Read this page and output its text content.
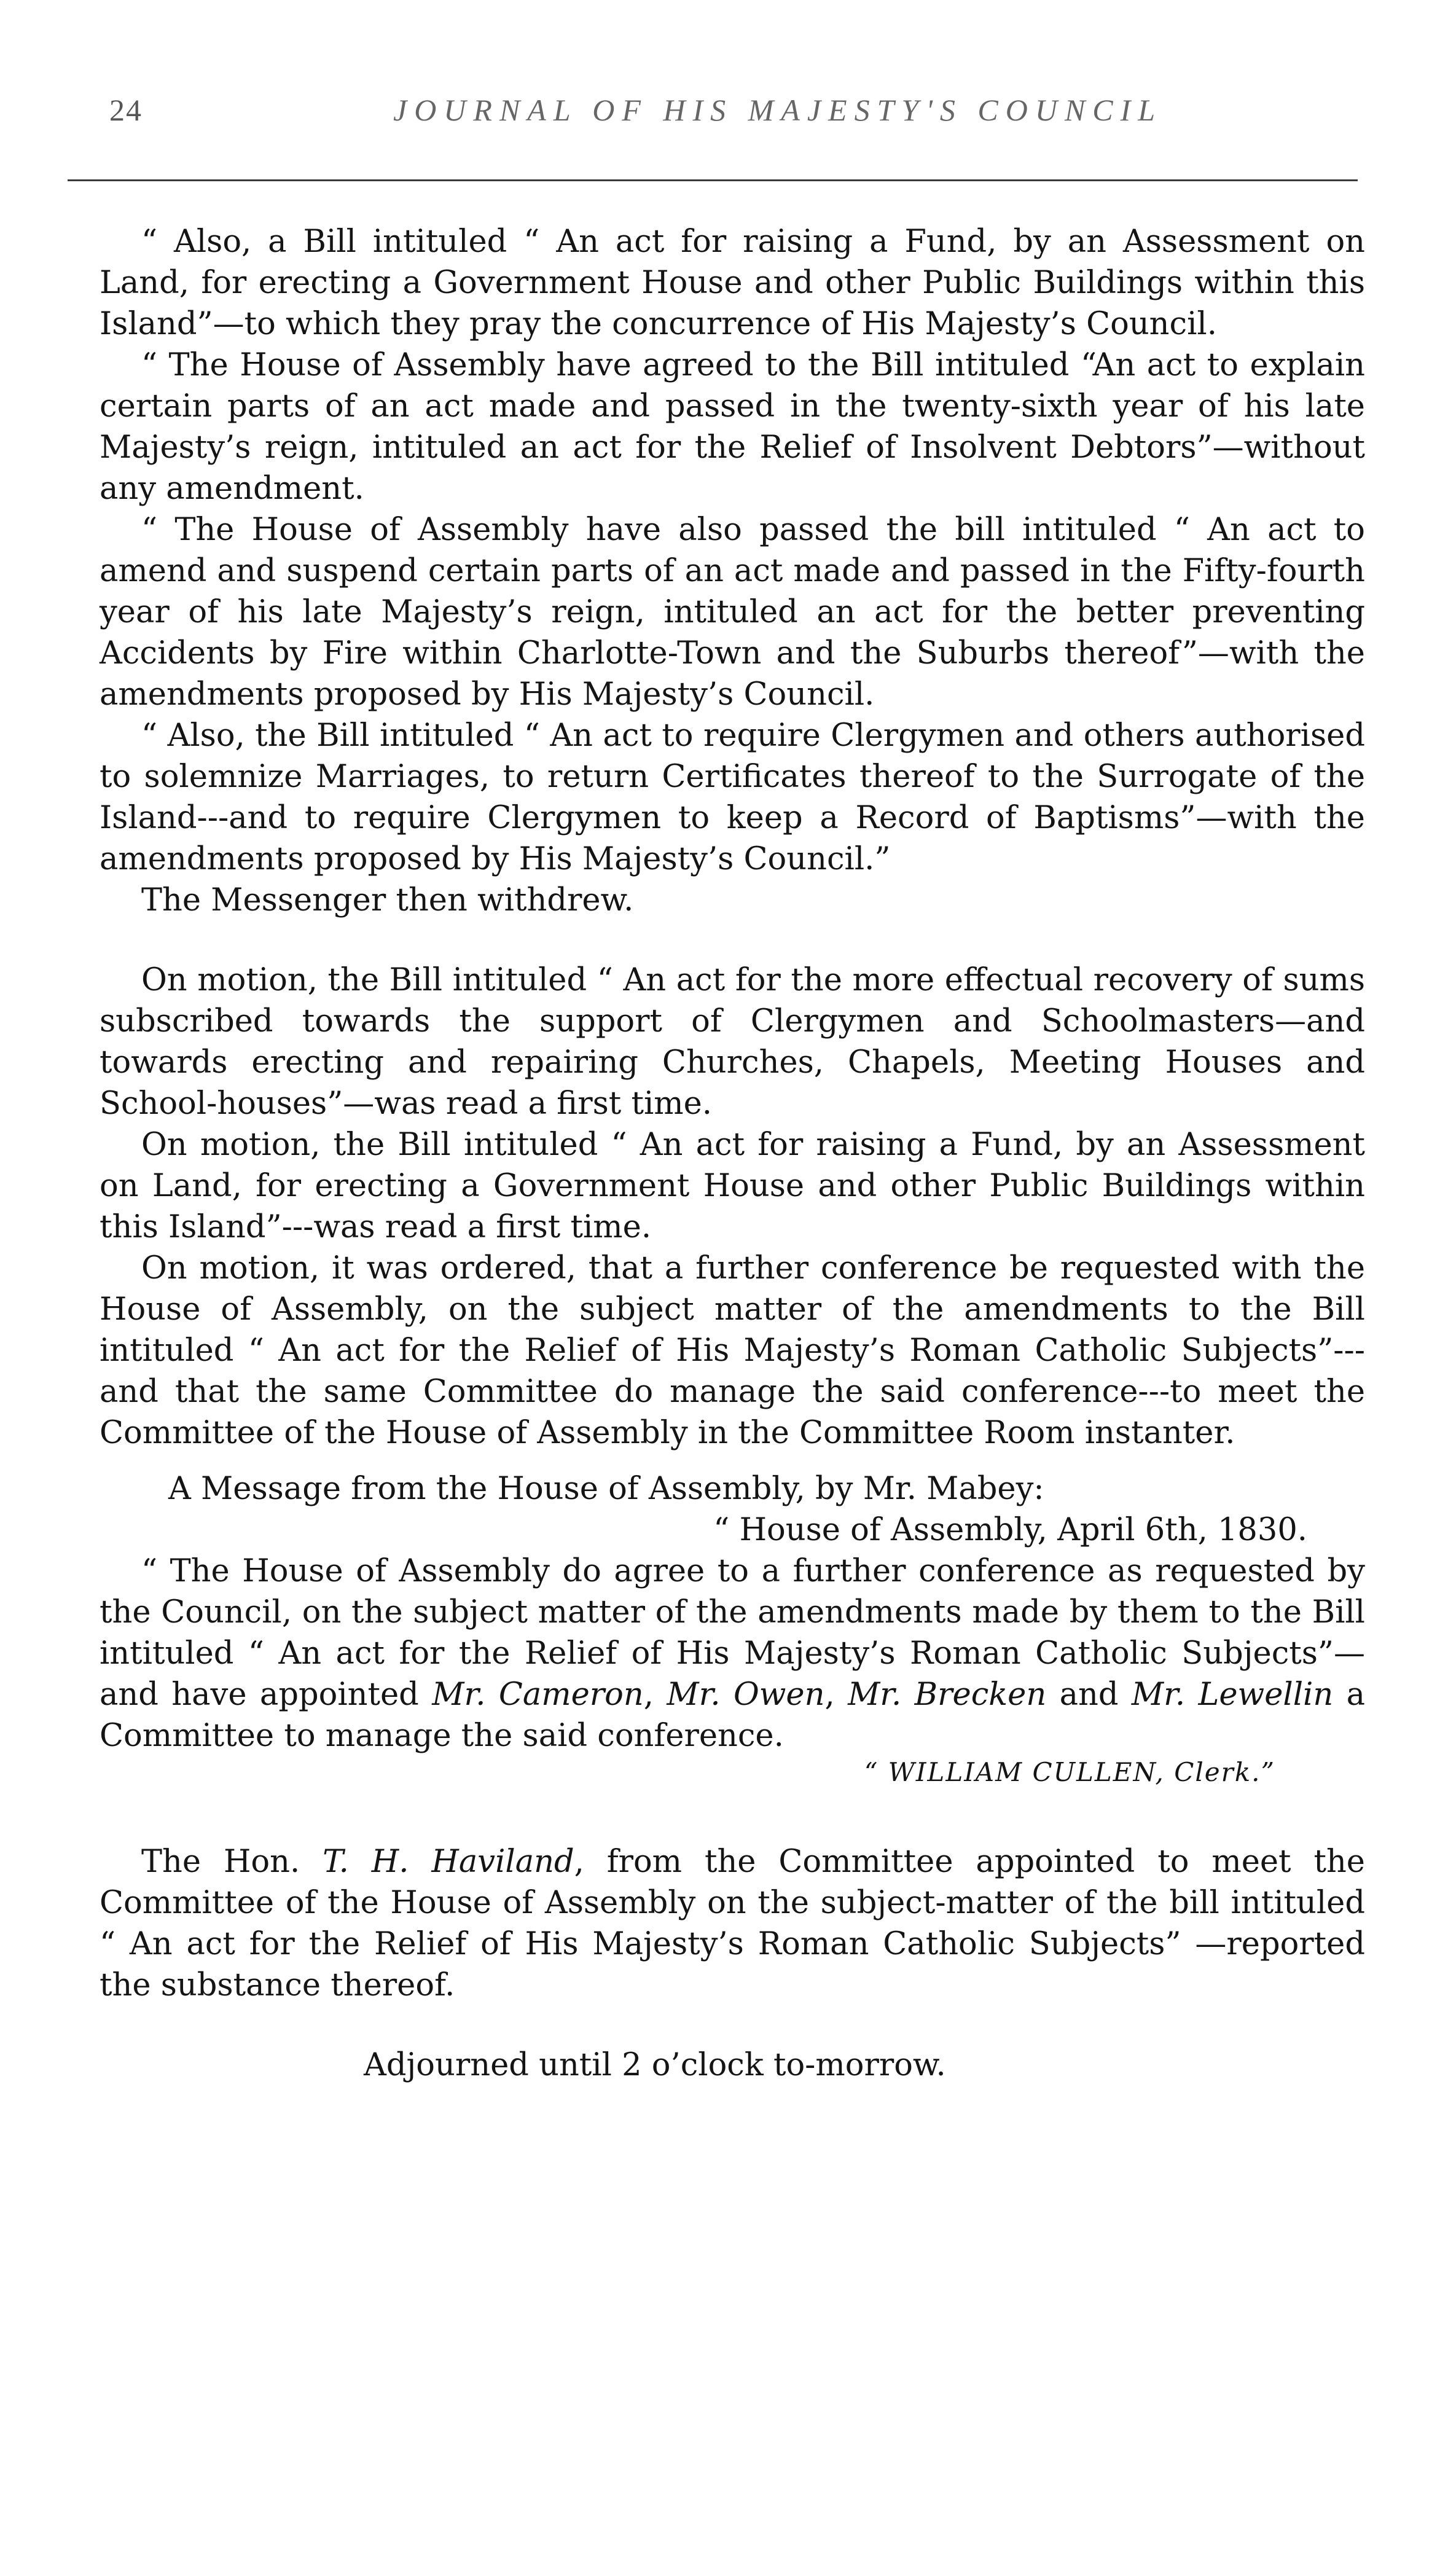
24	JOURNAL OF HIS MAJESTY'S COUNCIL

“ Also, a Bill intituled “ An act for raising a Fund, by an Assessment on Land, for erecting a Government House and other Public Buildings within this Island”—to which they pray the concurrence of His Majesty’s Council.

“ The House of Assembly have agreed to the Bill intituled “An act to explain certain parts of an act made and passed in the twenty-sixth year of his late Majesty’s reign, intituled an act for the Relief of Insolvent Debtors”—without any amendment.

“ The House of Assembly have also passed the bill intituled “ An act to amend and suspend certain parts of an act made and passed in the Fifty-fourth year of his late Majesty’s reign, intituled an act for the better preventing Accidents by Fire within Charlotte-Town and the Suburbs thereof”—with the amendments proposed by His Majesty’s Council.

“ Also, the Bill intituled “ An act to require Clergymen and others authorised to solemnize Marriages, to return Certificates thereof to the Surrogate of the Island---and to require Clergymen to keep a Record of Baptisms”—with the amendments proposed by His Majesty’s Council.”

The Messenger then withdrew.

On motion, the Bill intituled “ An act for the more effectual recovery of sums subscribed towards the support of Clergymen and Schoolmasters—and towards erecting and repairing Churches, Chapels, Meeting Houses and School-houses”—was read a first time.

On motion, the Bill intituled “ An act for raising a Fund, by an Assessment on Land, for erecting a Government House and other Public Buildings within this Island”---was read a first time.

On motion, it was ordered, that a further conference be requested with the House of Assembly, on the subject matter of the amendments to the Bill intituled “ An act for the Relief of His Majesty’s Roman Catholic Subjects”---and that the same Committee do manage the said conference---to meet the Committee of the House of Assembly in the Committee Room instanter.

A Message from the House of Assembly, by Mr. Mabey:

“ House of Assembly, April 6th, 1830.

“ The House of Assembly do agree to a further conference as requested by the Council, on the subject matter of the amendments made by them to the Bill intituled “ An act for the Relief of His Majesty’s Roman Catholic Subjects”—and have appointed Mr. Cameron, Mr. Owen, Mr. Brecken and Mr. Lewellin a Committee to manage the said conference.

“ WILLIAM CULLEN, Clerk.”

The Hon. T. H. Haviland, from the Committee appointed to meet the Committee of the House of Assembly on the subject-matter of the bill intituled “ An act for the Relief of His Majesty’s Roman Catholic Subjects” —reported the substance thereof.

Adjourned until 2 o’clock to-morrow.
